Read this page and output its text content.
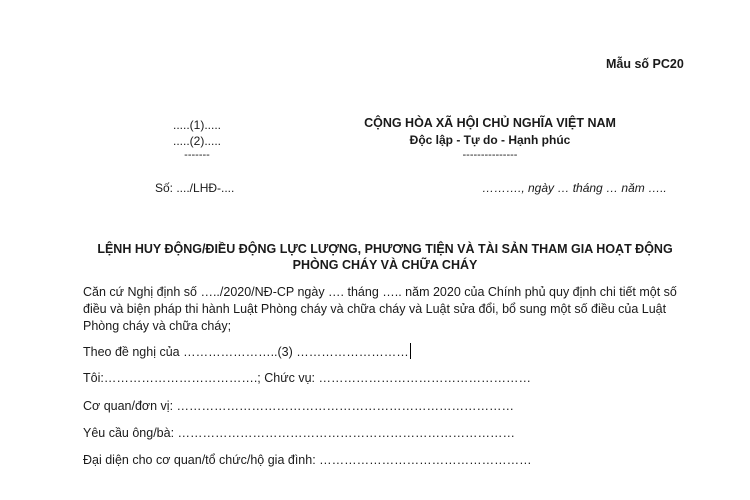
Mẫu số PC20
.....(1).....
.....(2).....
-------
CỘNG HÒA XÃ HỘI CHỦ NGHĨA VIỆT NAM
Độc lập - Tự do - Hạnh phúc
---------------
Số: ..../LHĐ-....	………., ngày … tháng … năm …..
LỆNH HUY ĐỘNG/ĐIỀU ĐỘNG LỰC LƯỢNG, PHƯƠNG TIỆN VÀ TÀI SẢN THAM GIA HOẠT ĐỘNG PHÒNG CHÁY VÀ CHỮA CHÁY
Căn cứ Nghị định số …../2020/NĐ-CP ngày …. tháng ….. năm 2020 của Chính phủ quy định chi tiết một số điều và biện pháp thi hành Luật Phòng cháy và chữa cháy và Luật sửa đổi, bổ sung một số điều của Luật Phòng cháy và chữa cháy;
Theo đề nghị của …………………..(3) ………………………
Tôi:……………………………….; Chức vụ: ……………………………………………
Cơ quan/đơn vị: ………………………………………………………………………
Yêu cầu ông/bà: ………………………………………………………………………
Đại diện cho cơ quan/tổ chức/hộ gia đình: ……………………………………………
